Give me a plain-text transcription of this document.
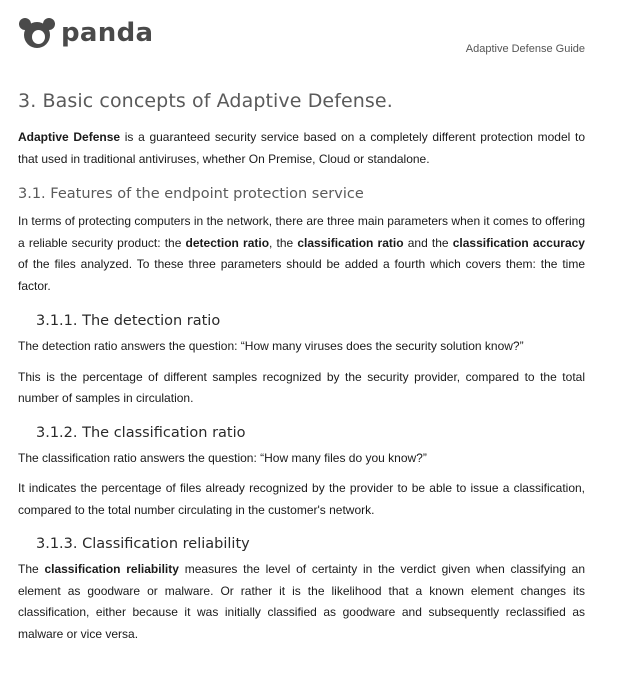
panda
Adaptive Defense Guide
3. Basic concepts of Adaptive Defense.

Adaptive Defense is a guaranteed security service based on a completely different protection model to that used in traditional antiviruses, whether On Premise, Cloud or standalone.

3.1. Features of the endpoint protection service

In terms of protecting computers in the network, there are three main parameters when it comes to offering a reliable security product: the detection ratio, the classification ratio and the classification accuracy of the files analyzed. To these three parameters should be added a fourth which covers them: the time factor.

3.1.1. The detection ratio

The detection ratio answers the question: “How many viruses does the security solution know?”

This is the percentage of different samples recognized by the security provider, compared to the total number of samples in circulation.

3.1.2. The classification ratio

The classification ratio answers the question: “How many files do you know?”

It indicates the percentage of files already recognized by the provider to be able to issue a classification, compared to the total number circulating in the customer's network.

3.1.3. Classification reliability

The classification reliability measures the level of certainty in the verdict given when classifying an element as goodware or malware. Or rather it is the likelihood that a known element changes its classification, either because it was initially classified as goodware and subsequently reclassified as malware or vice versa.
